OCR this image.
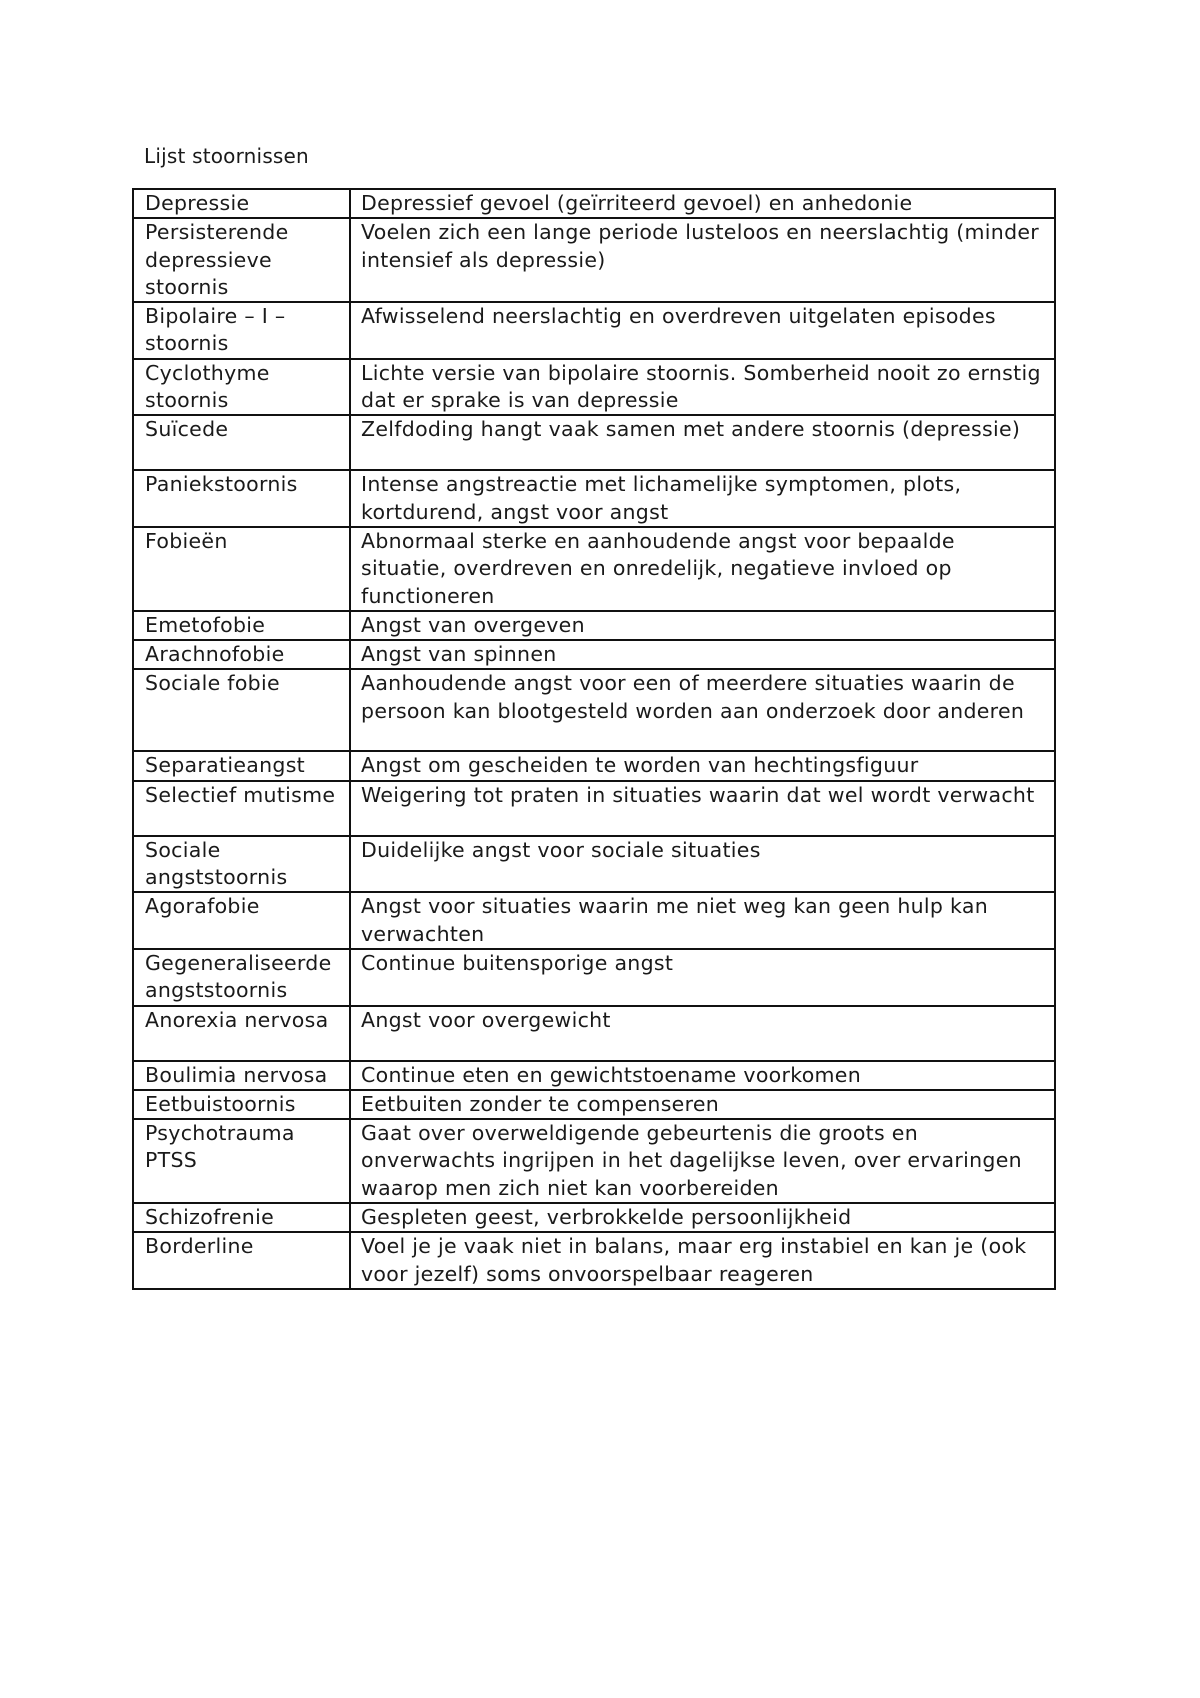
Lijst stoornissen
Depressie	Depressief gevoel (geïrriteerd gevoel) en anhedonie
Persisterende depressieve stoornis	Voelen zich een lange periode lusteloos en neerslachtig (minder intensief als depressie)
Bipolaire – I – stoornis	Afwisselend neerslachtig en overdreven uitgelaten episodes
Cyclothyme stoornis	Lichte versie van bipolaire stoornis. Somberheid nooit zo ernstig dat er sprake is van depressie
Suïcede	Zelfdoding hangt vaak samen met andere stoornis (depressie)
Paniekstoornis	Intense angstreactie met lichamelijke symptomen, plots, kortdurend, angst voor angst
Fobieën	Abnormaal sterke en aanhoudende angst voor bepaalde situatie, overdreven en onredelijk, negatieve invloed op functioneren
Emetofobie	Angst van overgeven
Arachnofobie	Angst van spinnen
Sociale fobie	Aanhoudende angst voor een of meerdere situaties waarin de persoon kan blootgesteld worden aan onderzoek door anderen
Separatieangst	Angst om gescheiden te worden van hechtingsfiguur
Selectief mutisme	Weigering tot praten in situaties waarin dat wel wordt verwacht
Sociale angststoornis	Duidelijke angst voor sociale situaties
Agorafobie	Angst voor situaties waarin me niet weg kan geen hulp kan verwachten
Gegeneraliseerde angststoornis	Continue buitensporige angst
Anorexia nervosa	Angst voor overgewicht
Boulimia nervosa	Continue eten en gewichtstoename voorkomen
Eetbuistoornis	Eetbuiten zonder te compenseren
Psychotrauma PTSS	Gaat over overweldigende gebeurtenis die groots en onverwachts ingrijpen in het dagelijkse leven, over ervaringen waarop men zich niet kan voorbereiden
Schizofrenie	Gespleten geest, verbrokkelde persoonlijkheid
Borderline	Voel je je vaak niet in balans, maar erg instabiel en kan je (ook voor jezelf) soms onvoorspelbaar reageren
